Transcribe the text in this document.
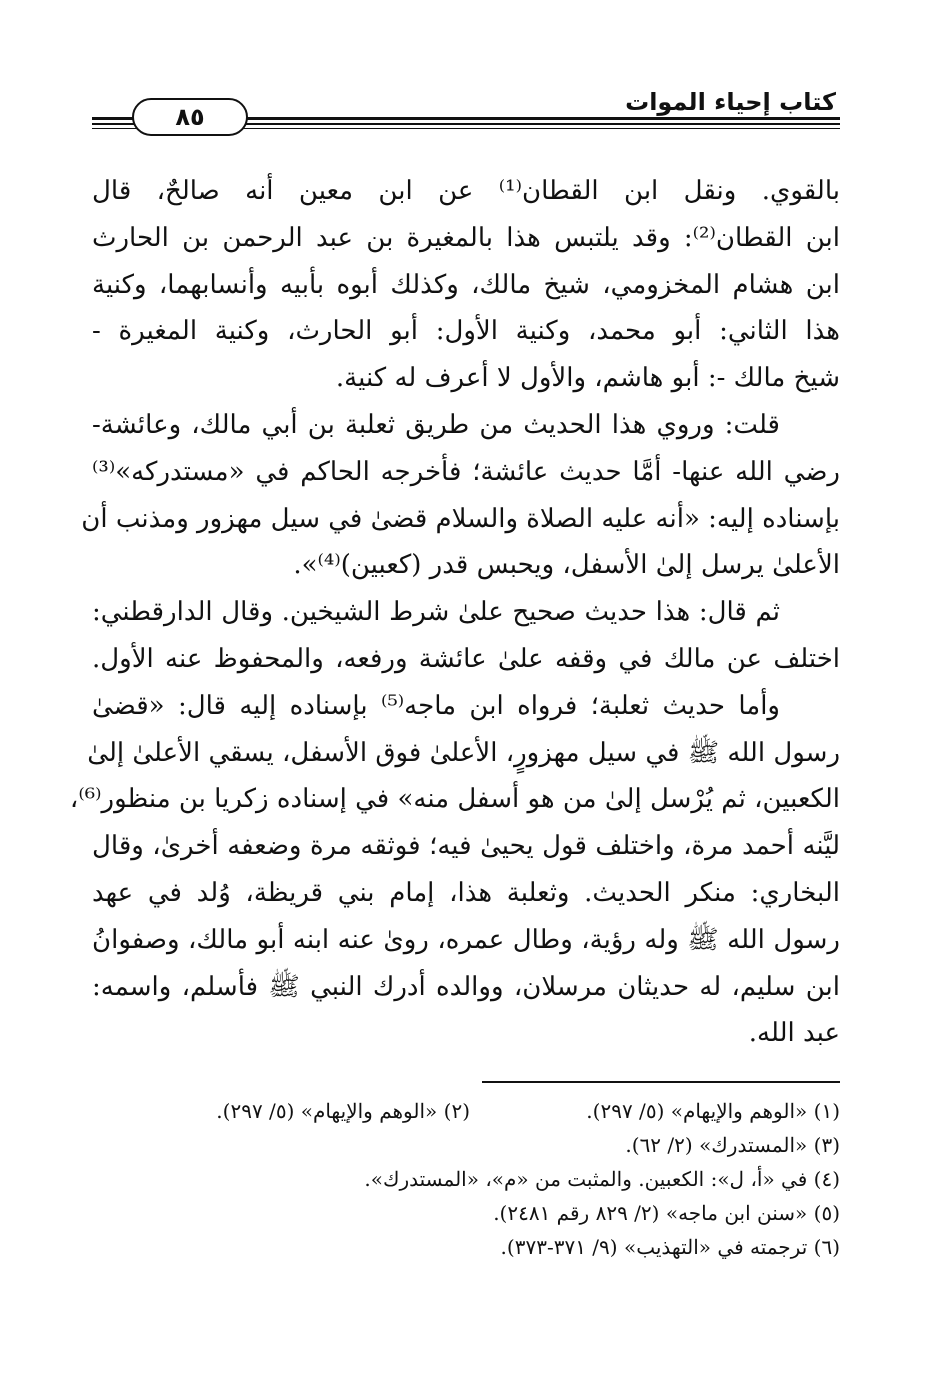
كتاب إحياء الموات
٨٥
بالقوي. ونقل ابن القطان⁽¹⁾ عن ابن معين أنه صالحٌ، قال
ابن القطان⁽²⁾: وقد يلتبس هذا بالمغيرة بن عبد الرحمن بن الحارث
ابن هشام المخزومي، شيخ مالك، وكذلك أبوه بأبيه وأنسابهما، وكنية
هذا الثاني: أبو محمد، وكنية الأول: أبو الحارث، وكنية المغيرة -
شيخ مالك -: أبو هاشم، والأول لا أعرف له كنية.
قلت: وروي هذا الحديث من طريق ثعلبة بن أبي مالك، وعائشة-
رضي الله عنها- أمَّا حديث عائشة؛ فأخرجه الحاكم في «مستدركه»⁽³⁾
بإسناده إليه: «أنه عليه الصلاة والسلام قضىٰ في سيل مهزور ومذنب أن
الأعلىٰ يرسل إلىٰ الأسفل، ويحبس قدر (كعبين)⁽⁴⁾».
ثم قال: هذا حديث صحيح علىٰ شرط الشيخين. وقال الدارقطني:
اختلف عن مالك في وقفه علىٰ عائشة ورفعه، والمحفوظ عنه الأول.
وأما حديث ثعلبة؛ فرواه ابن ماجه⁽⁵⁾ بإسناده إليه قال: «قضىٰ
رسول الله ﷺ في سيل مهزورٍ، الأعلىٰ فوق الأسفل، يسقي الأعلىٰ إلىٰ
الكعبين، ثم يُرْسل إلىٰ من هو أسفل منه» في إسناده زكريا بن منظور⁽⁶⁾،
ليَّنه أحمد مرة، واختلف قول يحيىٰ فيه؛ فوثقه مرة وضعفه أخرىٰ، وقال
البخاري: منكر الحديث. وثعلبة هذا، إمام بني قريظة، وُلد في عهد
رسول الله ﷺ وله رؤية، وطال عمره، روىٰ عنه ابنه أبو مالك، وصفوانُ
ابن سليم، له حديثان مرسلان، ووالده أدرك النبي ﷺ فأسلم، واسمه:
عبد الله.
(١) «الوهم والإيهام» (٥/ ٢٩٧).
(٢) «الوهم والإيهام» (٥/ ٢٩٧).
(٣) «المستدرك» (٢/ ٦٢).
(٤) في «أ، ل»: الكعبين. والمثبت من «م»، «المستدرك».
(٥) «سنن ابن ماجه» (٢/ ٨٢٩ رقم ٢٤٨١).
(٦) ترجمته في «التهذيب» (٩/ ٣٧١-٣٧٣).
